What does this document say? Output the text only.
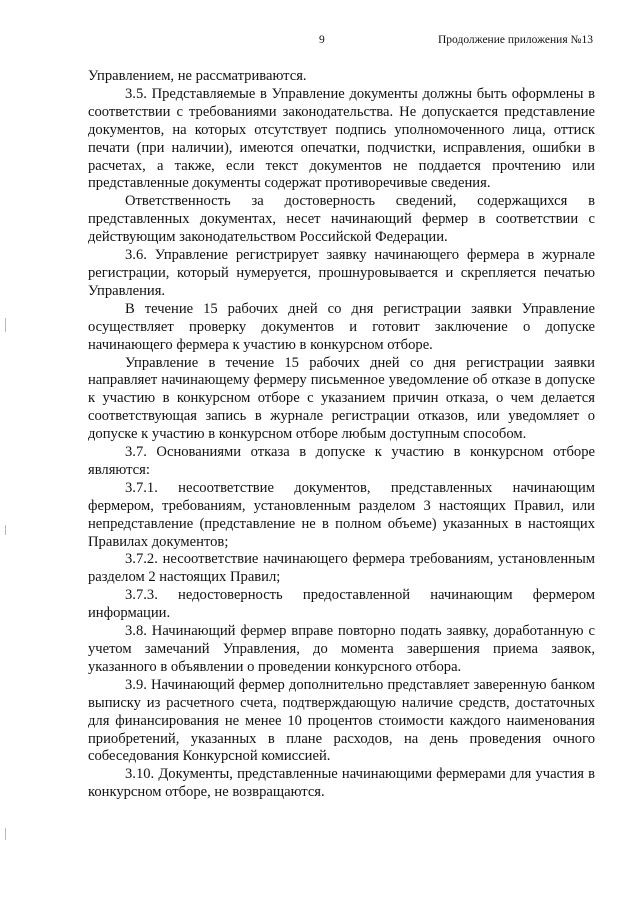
9	Продолжение приложения №13

Управлением, не рассматриваются.

3.5. Представляемые в Управление документы должны быть оформлены в соответствии с требованиями законодательства. Не допускается представление документов, на которых отсутствует подпись уполномоченного лица, оттиск печати (при наличии), имеются опечатки, подчистки, исправления, ошибки в расчетах, а также, если текст документов не поддается прочтению или представленные документы содержат противоречивые сведения.

Ответственность за достоверность сведений, содержащихся в представленных документах, несет начинающий фермер в соответствии с действующим законодательством Российской Федерации.

3.6. Управление регистрирует заявку начинающего фермера в журнале регистрации, который нумеруется, прошнуровывается и скрепляется печатью Управления.

В течение 15 рабочих дней со дня регистрации заявки Управление осуществляет проверку документов и готовит заключение о допуске начинающего фермера к участию в конкурсном отборе.

Управление в течение 15 рабочих дней со дня регистрации заявки направляет начинающему фермеру письменное уведомление об отказе в допуске к участию в конкурсном отборе с указанием причин отказа, о чем делается соответствующая запись в журнале регистрации отказов, или уведомляет о допуске к участию в конкурсном отборе любым доступным способом.

3.7. Основаниями отказа в допуске к участию в конкурсном отборе являются:

3.7.1. несоответствие документов, представленных начинающим фермером, требованиям, установленным разделом 3 настоящих Правил, или непредставление (представление не в полном объеме) указанных в настоящих Правилах документов;

3.7.2. несоответствие начинающего фермера требованиям, установленным разделом 2 настоящих Правил;

3.7.3. недостоверность предоставленной начинающим фермером информации.

3.8. Начинающий фермер вправе повторно подать заявку, доработанную с учетом замечаний Управления, до момента завершения приема заявок, указанного в объявлении о проведении конкурсного отбора.

3.9. Начинающий фермер дополнительно представляет заверенную банком выписку из расчетного счета, подтверждающую наличие средств, достаточных для финансирования не менее 10 процентов стоимости каждого наименования приобретений, указанных в плане расходов, на день проведения очного собеседования Конкурсной комиссией.

3.10. Документы, представленные начинающими фермерами для участия в конкурсном отборе, не возвращаются.
